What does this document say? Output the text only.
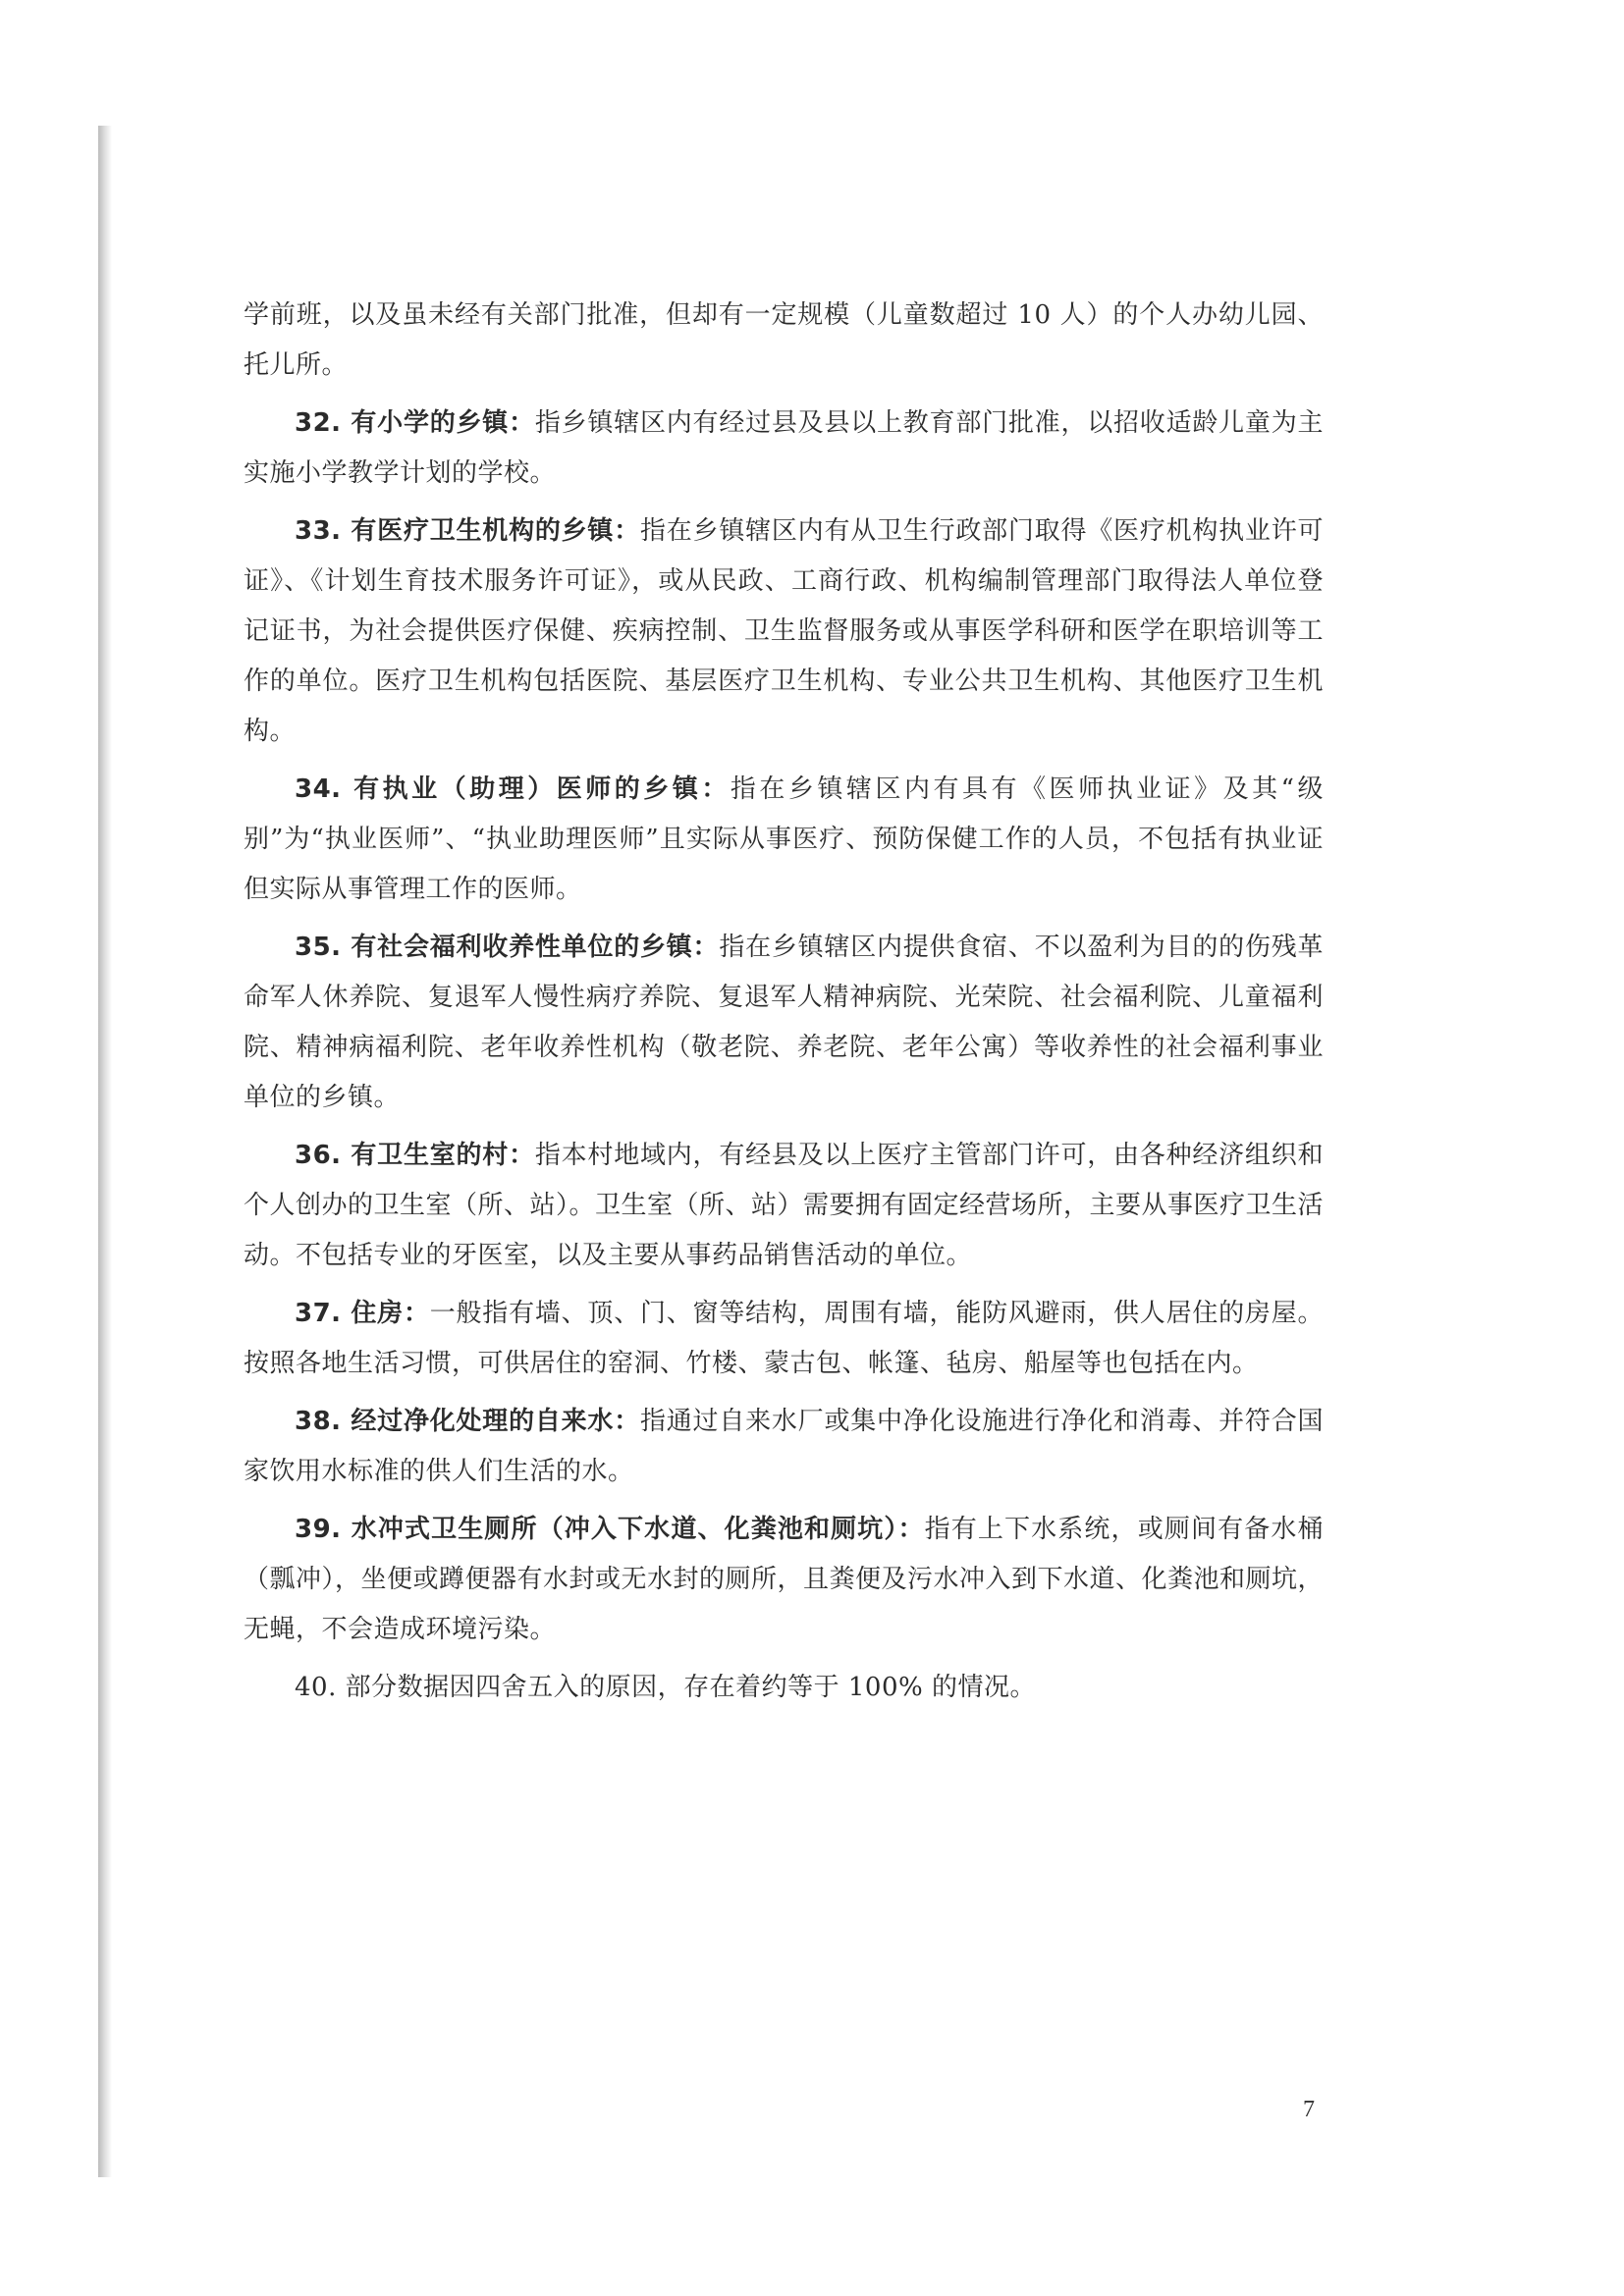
学前班，以及虽未经有关部门批准，但却有一定规模（儿童数超过 10 人）的个人办幼儿园、托儿所。

32. 有小学的乡镇：指乡镇辖区内有经过县及县以上教育部门批准，以招收适龄儿童为主实施小学教学计划的学校。

33. 有医疗卫生机构的乡镇：指在乡镇辖区内有从卫生行政部门取得《医疗机构执业许可证》、《计划生育技术服务许可证》，或从民政、工商行政、机构编制管理部门取得法人单位登记证书，为社会提供医疗保健、疾病控制、卫生监督服务或从事医学科研和医学在职培训等工作的单位。医疗卫生机构包括医院、基层医疗卫生机构、专业公共卫生机构、其他医疗卫生机构。

34. 有执业（助理）医师的乡镇：指在乡镇辖区内有具有《医师执业证》及其“级别”为“执业医师”、“执业助理医师”且实际从事医疗、预防保健工作的人员，不包括有执业证但实际从事管理工作的医师。

35. 有社会福利收养性单位的乡镇：指在乡镇辖区内提供食宿、不以盈利为目的的伤残革命军人休养院、复退军人慢性病疗养院、复退军人精神病院、光荣院、社会福利院、儿童福利院、精神病福利院、老年收养性机构（敬老院、养老院、老年公寓）等收养性的社会福利事业单位的乡镇。

36. 有卫生室的村：指本村地域内，有经县及以上医疗主管部门许可，由各种经济组织和个人创办的卫生室（所、站）。卫生室（所、站）需要拥有固定经营场所，主要从事医疗卫生活动。不包括专业的牙医室，以及主要从事药品销售活动的单位。

37. 住房：一般指有墙、顶、门、窗等结构，周围有墙，能防风避雨，供人居住的房屋。按照各地生活习惯，可供居住的窑洞、竹楼、蒙古包、帐篷、毡房、船屋等也包括在内。

38. 经过净化处理的自来水：指通过自来水厂或集中净化设施进行净化和消毒、并符合国家饮用水标准的供人们生活的水。

39. 水冲式卫生厕所（冲入下水道、化粪池和厕坑）：指有上下水系统，或厕间有备水桶（瓢冲），坐便或蹲便器有水封或无水封的厕所，且粪便及污水冲入到下水道、化粪池和厕坑，无蝇，不会造成环境污染。

40. 部分数据因四舍五入的原因，存在着约等于 100% 的情况。

7
